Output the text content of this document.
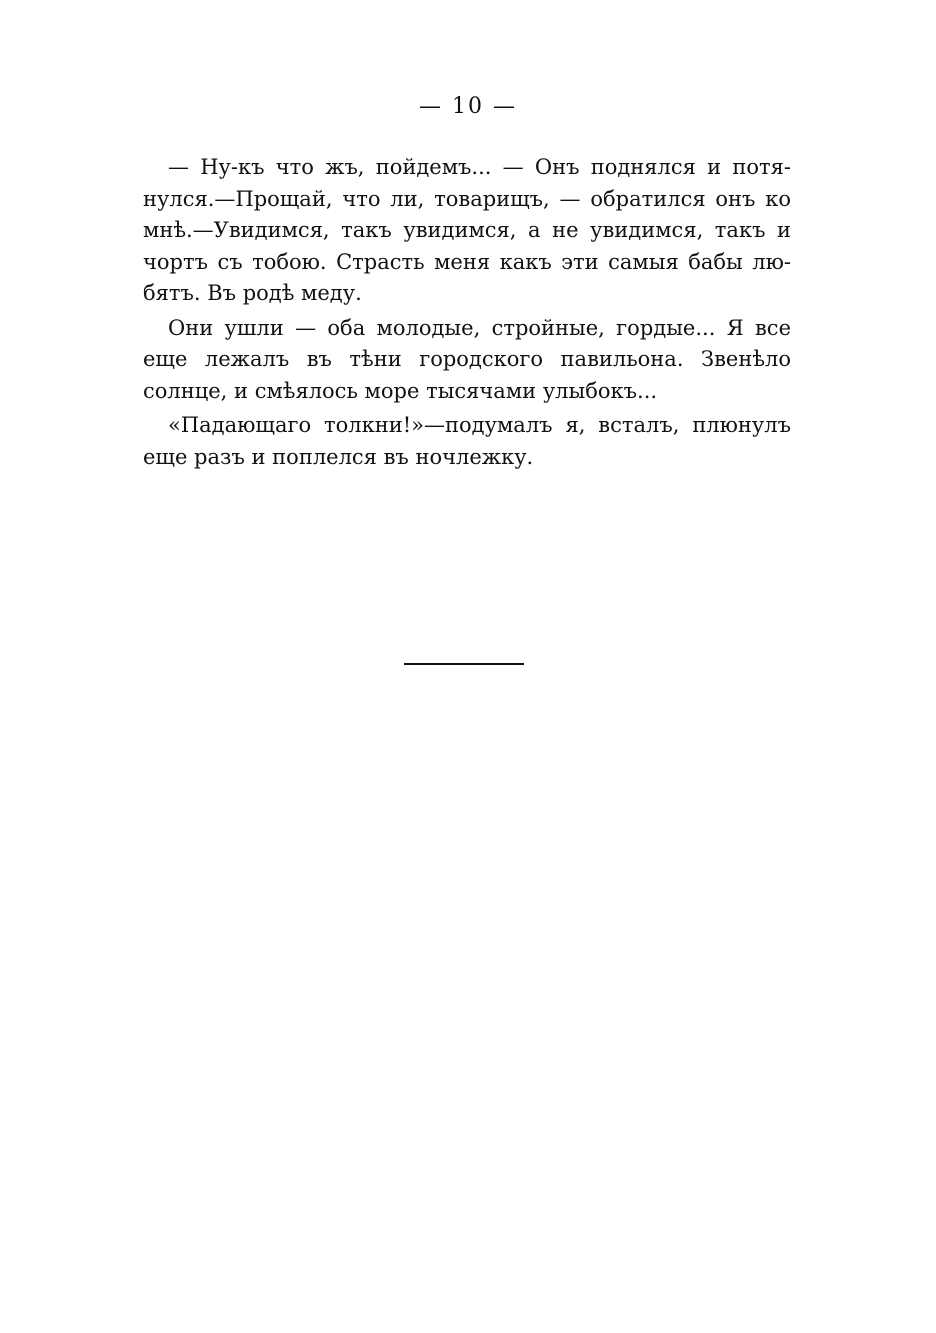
— 10 —
— Ну-къ что жъ, пойдемъ... — Онъ поднялся и потя-
нулся.—Прощай, что ли, товарищъ, — обратился онъ ко
мнѣ.—Увидимся, такъ увидимся, а не увидимся, такъ и
чортъ съ тобою. Страсть меня какъ эти самыя бабы лю-
бятъ. Въ родѣ меду.
Они ушли — оба молодые, стройные, гордые... Я все
еще лежалъ въ тѣни городского павильона. Звенѣло
солнце, и смѣялось море тысячами улыбокъ...
«Падающаго толкни!»—подумалъ я, всталъ, плюнулъ
еще разъ и поплелся въ ночлежку.
